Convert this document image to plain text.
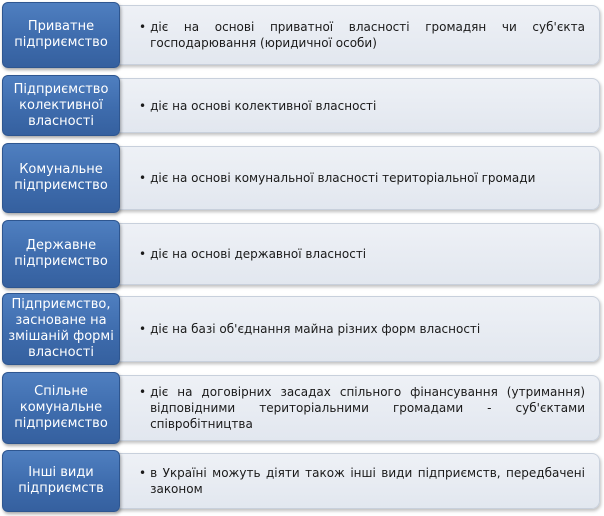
Приватне підприємство
• діє на основі приватної власності громадян чи суб'єкта господарювання (юридичної особи)
Підприємство колективної власності
• діє на основі колективної власності
Комунальне підприємство	• діє на основі комунальної власності територіальної громади
Державне підприємство	• діє на основі державної власності
Підприємство, засноване на змішаній формі власності
• діє на базі об'єднання майна різних форм власності
Спільне комунальне підприємство
• діє на договірних засадах спільного фінансування (утримання) відповідними територіальними громадами - суб'єктами співробітництва
Інші види підприємств
• в Україні можуть діяти також інші види підприємств, передбачені законом
